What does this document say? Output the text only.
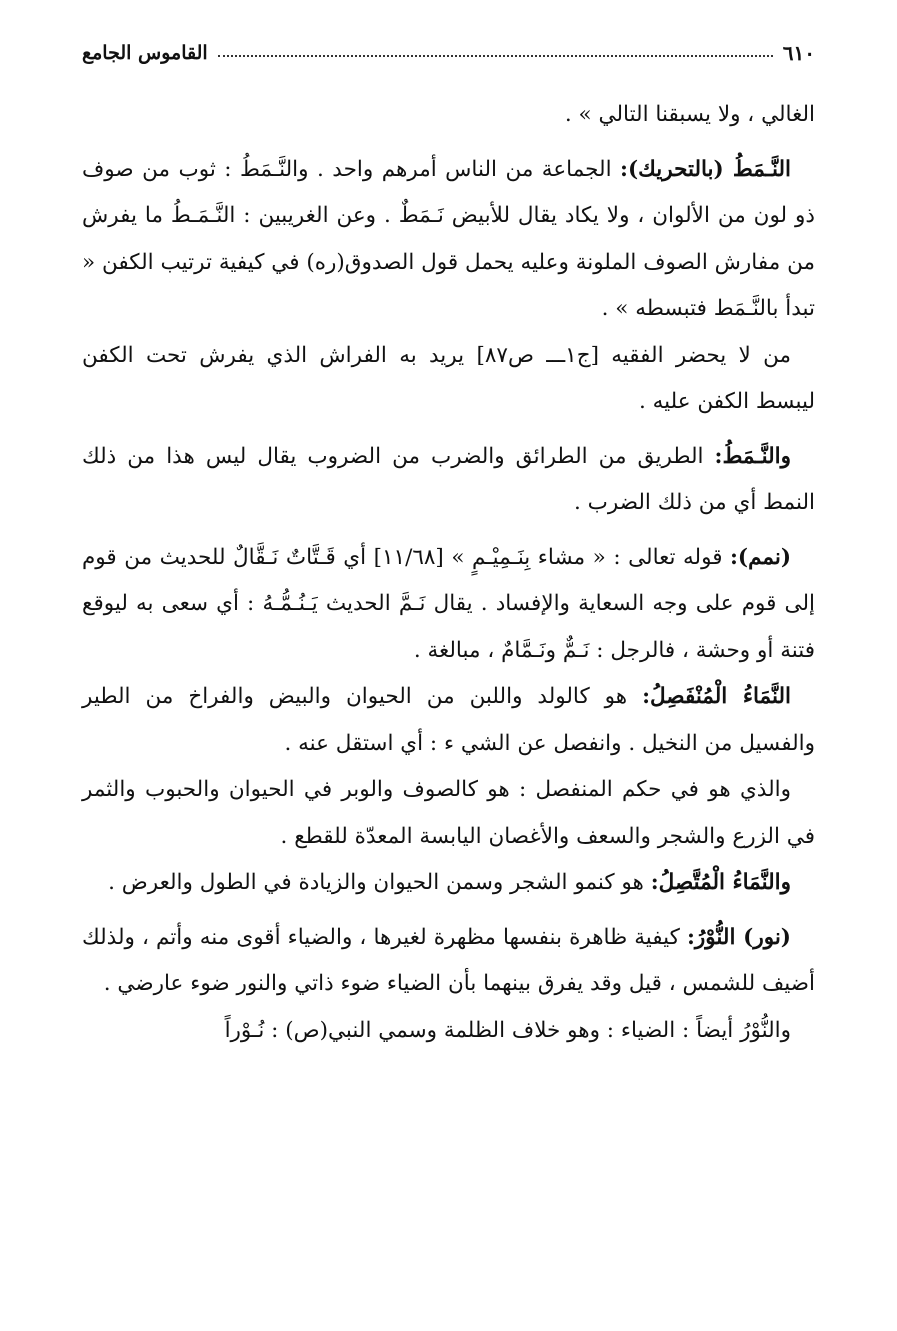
٦١٠
القاموس الجامع

الغالي ، ولا يسبقنا التالي » .

النَّـمَطُ (بالتحريك): الجماعة من الناس أمرهم واحد . والنَّـمَطُ : ثوب من صوف ذو لون من الألوان ، ولا يكاد يقال للأبيض نَـمَطٌ . وعن الغريبين : النَّـمَـطُ ما يفرش من مفارش الصوف الملونة وعليه يحمل قول الصدوق(ره) في كيفية ترتيب الكفن « تبدأ بالنَّـمَط فتبسطه » .

من لا يحضر الفقيه [ج١ـــ ص٨٧] يريد به الفراش الذي يفرش تحت الكفن ليبسط الكفن عليه .

والنَّـمَطُ: الطريق من الطرائق والضرب من الضروب يقال ليس هذا من ذلك النمط أي من ذلك الضرب .

(نمم): قوله تعالى : « مشاء بِنَـمِيْـمٍ » [١١/٦٨] أي قَـتَّاتٌ نَـقَّالٌ للحديث من قوم إلى قوم على وجه السعاية والإفساد . يقال نَـمَّ الحديث يَـنُـمُّـهُ : أي سعى به ليوقع فتنة أو وحشة ، فالرجل : نَـمٌّ ونَـمَّامٌ ، مبالغة .

النَّمَاءُ الْمُنْفَصِلُ: هو كالولد واللبن من الحيوان والبيض والفراخ من الطير والفسيل من النخيل . وانفصل عن الشي ء : أي استقل عنه .

والذي هو في حكم المنفصل : هو كالصوف والوبر في الحيوان والحبوب والثمر في الزرع والشجر والسعف والأغصان اليابسة المعدّة للقطع .

والنَّمَاءُ الْمُتَّصِلُ: هو كنمو الشجر وسمن الحيوان والزيادة في الطول والعرض .

(نور) النُّوْرُ: كيفية ظاهرة بنفسها مظهرة لغيرها ، والضياء أقوى منه وأتم ، ولذلك أضيف للشمس ، قيل وقد يفرق بينهما بأن الضياء ضوء ذاتي والنور ضوء عارضي .

والنُّوْرُ أيضاً : الضياء : وهو خلاف الظلمة وسمي النبي(ص) : نُـوْراً
